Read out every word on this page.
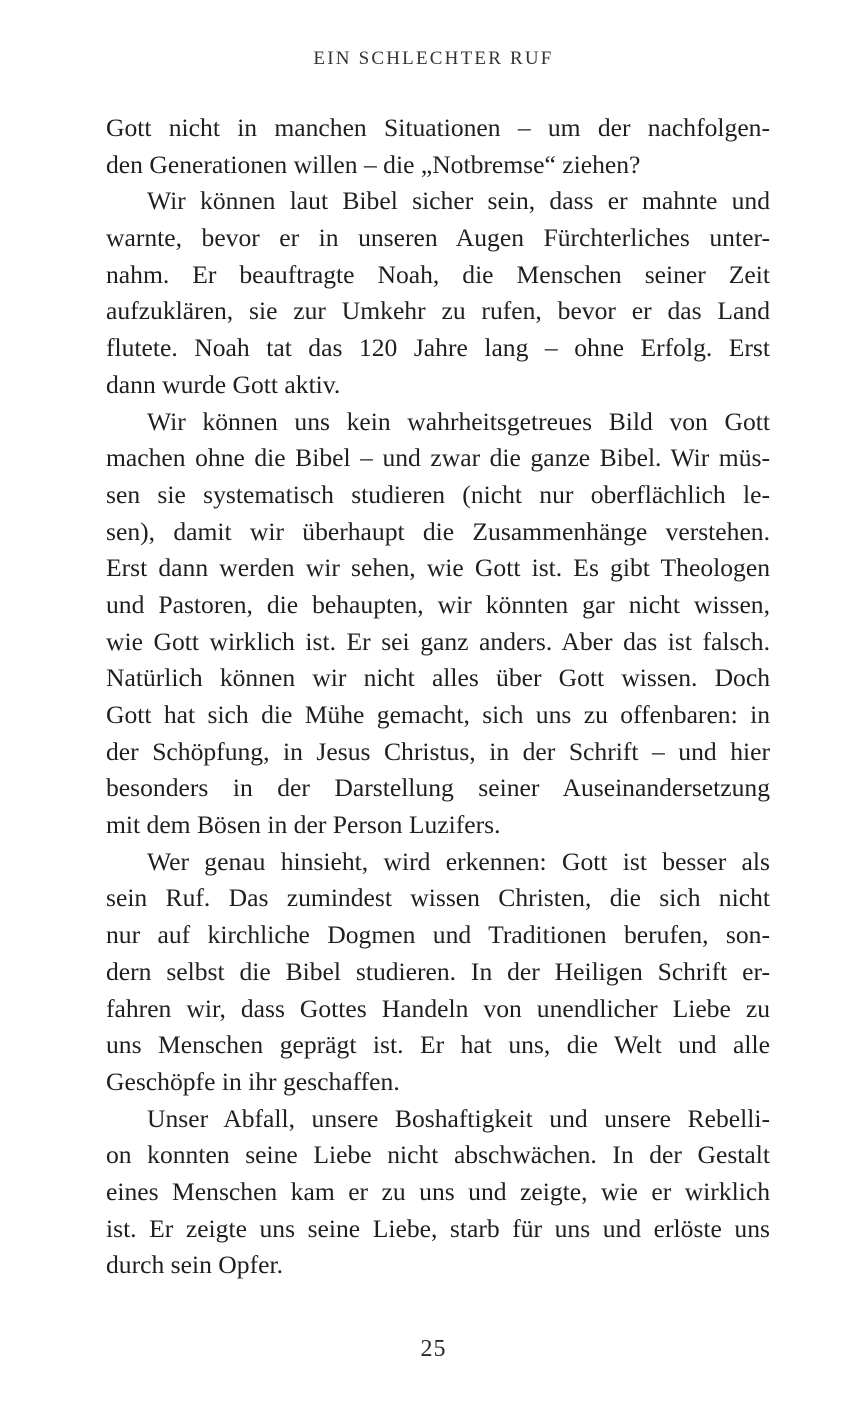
EIN SCHLECHTER RUF
Gott nicht in manchen Situationen – um der nachfolgen-
den Generationen willen – die „Notbremse“ ziehen?
Wir können laut Bibel sicher sein, dass er mahnte und
warnte, bevor er in unseren Augen Fürchterliches unter-
nahm. Er beauftragte Noah, die Menschen seiner Zeit
aufzuklären, sie zur Umkehr zu rufen, bevor er das Land
flutete. Noah tat das 120 Jahre lang – ohne Erfolg. Erst
dann wurde Gott aktiv.
Wir können uns kein wahrheitsgetreues Bild von Gott
machen ohne die Bibel – und zwar die ganze Bibel. Wir müs-
sen sie systematisch studieren (nicht nur oberflächlich le-
sen), damit wir überhaupt die Zusammenhänge verstehen.
Erst dann werden wir sehen, wie Gott ist. Es gibt Theologen
und Pastoren, die behaupten, wir könnten gar nicht wissen,
wie Gott wirklich ist. Er sei ganz anders. Aber das ist falsch.
Natürlich können wir nicht alles über Gott wissen. Doch
Gott hat sich die Mühe gemacht, sich uns zu offenbaren: in
der Schöpfung, in Jesus Christus, in der Schrift – und hier
besonders in der Darstellung seiner Auseinandersetzung
mit dem Bösen in der Person Luzifers.
Wer genau hinsieht, wird erkennen: Gott ist besser als
sein Ruf. Das zumindest wissen Christen, die sich nicht
nur auf kirchliche Dogmen und Traditionen berufen, son-
dern selbst die Bibel studieren. In der Heiligen Schrift er-
fahren wir, dass Gottes Handeln von unendlicher Liebe zu
uns Menschen geprägt ist. Er hat uns, die Welt und alle
Geschöpfe in ihr geschaffen.
Unser Abfall, unsere Boshaftigkeit und unsere Rebelli-
on konnten seine Liebe nicht abschwächen. In der Gestalt
eines Menschen kam er zu uns und zeigte, wie er wirklich
ist. Er zeigte uns seine Liebe, starb für uns und erlöste uns
durch sein Opfer.
25
